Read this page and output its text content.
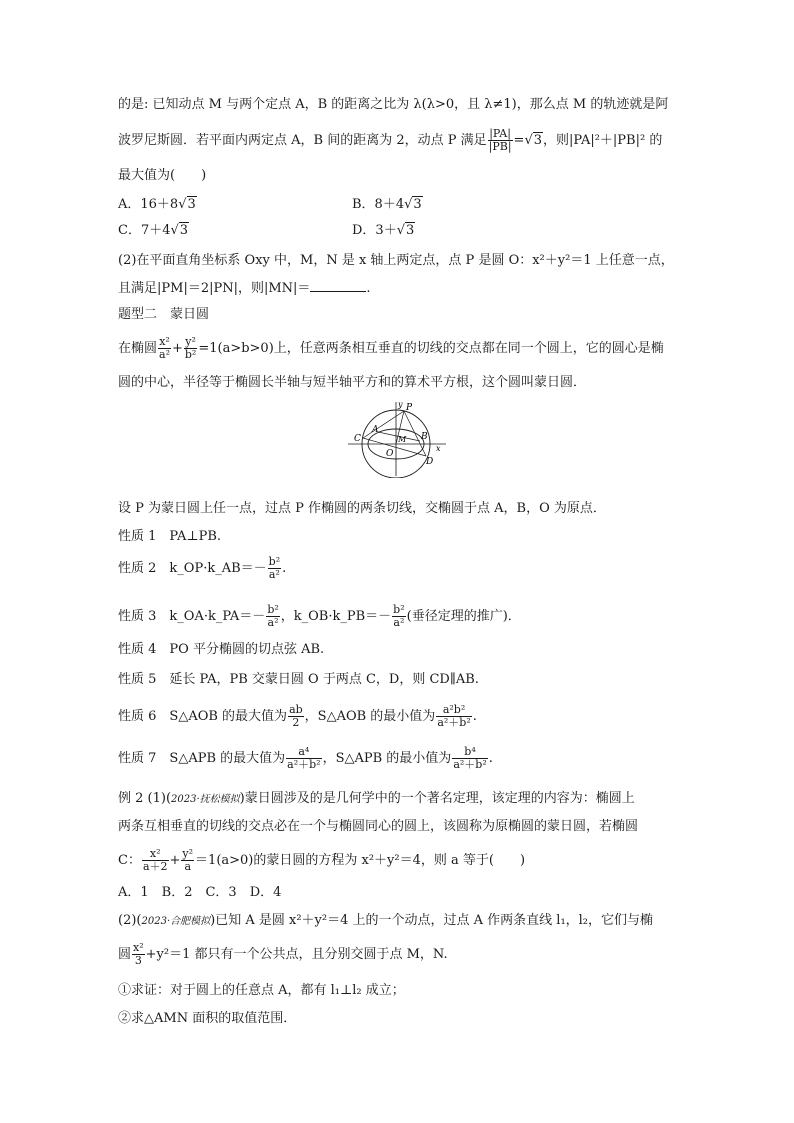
的是: 已知动点 M 与两个定点 A，B 的距离之比为 λ(λ>0，且 λ≠1)，那么点 M 的轨迹就是阿
波罗尼斯圆．若平面内两定点 A，B 间的距离为 2，动点 P 满足 $\frac{|PA|}{|PB|} =√3$，则|PA|²＋|PB|² 的
最大值为(　　)
A．16＋8√3	B．8＋4√3
C．7＋4√3	D．3＋√3
(2)在平面直角坐标系 Oxy 中，M，N 是 x 轴上两定点，点 P 是圆 O：x²＋y²＝1 上任意一点，
且满足|PM|＝2|PN|，则|MN|＝	.
题型二　蒙日圆
在椭圆 $\frac{\text{x²}}{\text{a²}} + \frac{\text{y²}}{\text{b²}} =1(a>b>0)$上，任意两条相互垂直的切线的交点都在同一个圆上，它的圆心是椭
圆的中心，半径等于椭圆长半轴与短半轴平方和的算术平方根，这个圆叫蒙日圆．
y P
A
C	M B
O
D
x
设 P 为蒙日圆上任一点，过点 P 作椭圆的两条切线，交椭圆于点 A，B，O 为原点．
性质 1　 PA⊥PB.
性质 2　 k_OP·k_AB＝－ $\frac{\text{b²}}{\text{a²}}$ .
性质 3　 k_OA·k_PA＝－ $\frac{\text{b²}}{\text{a²}}$ ，k_OB·k_PB＝－ $\frac{\text{b²}}{\text{a²}}$ (垂径定理的推广)．
性质 4　 PO 平分椭圆的切点弦 AB.
性质 5　 延长 PA，PB 交蒙日圆 O 于两点 C，D，则 CD∥AB.
性质 6　 S△AOB 的最大值为 $\frac{ab}{2}$ ，S△AOB 的最小值为 $\frac{\text{a²b²}}{\text{a²＋b²}}$ .
性质 7　 S△APB 的最大值为 $\frac{\text{a⁴}}{\text{a²＋b²}}$ ，S△APB 的最小值为 $\frac{\text{b⁴}}{\text{a²＋b²}}$ .
例 2 (1)(2023·抚松模拟)蒙日圆涉及的是几何学中的一个著名定理，该定理的内容为：椭圆上
两条互相垂直的切线的交点必在一个与椭圆同心的圆上，该圆称为原椭圆的蒙日圆，若椭圆
C： $\frac{\text{x²}}{a+2} + \frac{\text{y²}}{a} =1(a>0)$的蒙日圆的方程为 x²＋y²＝4，则 a 等于(　　)
A．1　B．2　C．3　D．4
(2)(2023·合肥模拟)已知 A 是圆 x²＋y²＝4 上的一个动点，过点 A 作两条直线 l₁，l₂，它们与椭
圆 $\frac{\text{x²}}{3} +y^2=1$ 都只有一个公共点，且分别交圆于点 M，N.
①求证：对于圆上的任意点 A，都有 l₁⊥l₂ 成立；
②求△AMN 面积的取值范围．
